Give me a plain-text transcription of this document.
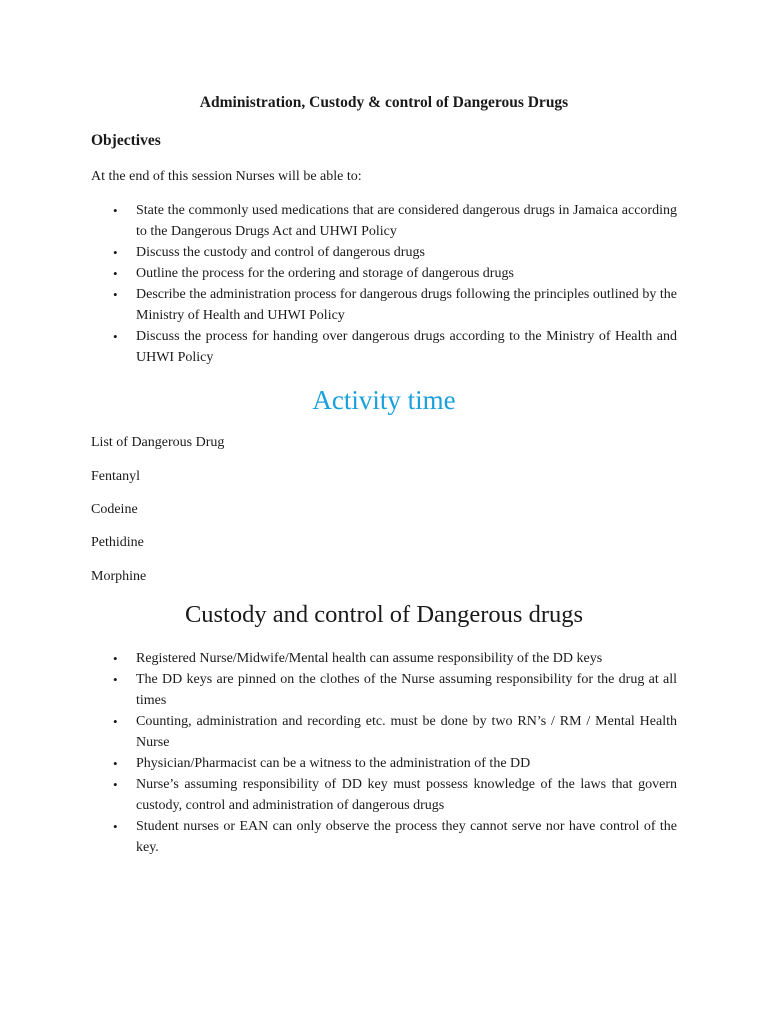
Administration, Custody & control of Dangerous Drugs
Objectives
At the end of this session Nurses will be able to:
• State the commonly used medications that are considered dangerous drugs in Jamaica according to the Dangerous Drugs Act and UHWI Policy
• Discuss the custody and control of dangerous drugs
• Outline the process for the ordering and storage of dangerous drugs
• Describe the administration process for dangerous drugs following the principles outlined by the Ministry of Health and UHWI Policy
• Discuss the process for handing over dangerous drugs according to the Ministry of Health and UHWI Policy
Activity time
List of Dangerous Drug
Fentanyl
Codeine
Pethidine
Morphine
Custody and control of Dangerous drugs
• Registered Nurse/Midwife/Mental health can assume responsibility of the DD keys
• The DD keys are pinned on the clothes of the Nurse assuming responsibility for the drug at all times
• Counting, administration and recording etc. must be done by two RN’s / RM / Mental Health Nurse
• Physician/Pharmacist can be a witness to the administration of the DD
• Nurse’s assuming responsibility of DD key must possess knowledge of the laws that govern custody, control and administration of dangerous drugs
• Student nurses or EAN can only observe the process they cannot serve nor have control of the key.
